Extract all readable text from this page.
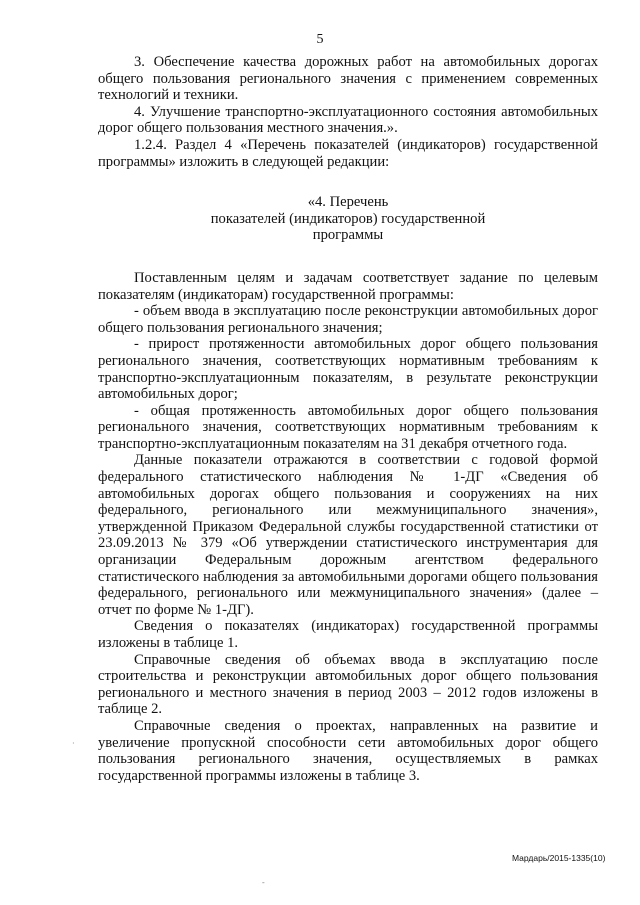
5

3. Обеспечение качества дорожных работ на автомобильных дорогах общего пользования регионального значения с применением современных технологий и техники.

4. Улучшение транспортно-эксплуатационного состояния автомобильных дорог общего пользования местного значения.».

1.2.4. Раздел 4 «Перечень показателей (индикаторов) государственной программы» изложить в следующей редакции:

«4. Перечень

показателей (индикаторов) государственной

программы

Поставленным целям и задачам соответствует задание по целевым показателям (индикаторам) государственной программы:

- объем ввода в эксплуатацию после реконструкции автомобильных дорог общего пользования регионального значения;

- прирост протяженности автомобильных дорог общего пользования регионального значения, соответствующих нормативным требованиям к транспортно-эксплуатационным показателям, в результате реконструкции автомобильных дорог;

- общая протяженность автомобильных дорог общего пользования регионального значения, соответствующих нормативным требованиям к транспортно-эксплуатационным показателям на 31 декабря отчетного года.

Данные показатели отражаются в соответствии с годовой формой федерального статистического наблюдения № 1-ДГ «Сведения об автомобильных дорогах общего пользования и сооружениях на них федерального, регионального или межмуниципального значения», утвержденной Приказом Федеральной службы государственной статистики от 23.09.2013 № 379 «Об утверждении статистического инструментария для организации Федеральным дорожным агентством федерального статистического наблюдения за автомобильными дорогами общего пользования федерального, регионального или межмуниципального значения» (далее – отчет по форме № 1-ДГ).

Сведения о показателях (индикаторах) государственной программы изложены в таблице 1.

Справочные сведения об объемах ввода в эксплуатацию после строительства и реконструкции автомобильных дорог общего пользования регионального и местного значения в период 2003 – 2012 годов изложены в таблице 2.

Справочные сведения о проектах, направленных на развитие и увеличение пропускной способности сети автомобильных дорог общего пользования регионального значения, осуществляемых в рамках государственной программы изложены в таблице 3.

Мардарь/2015-1335(10)
·
-
